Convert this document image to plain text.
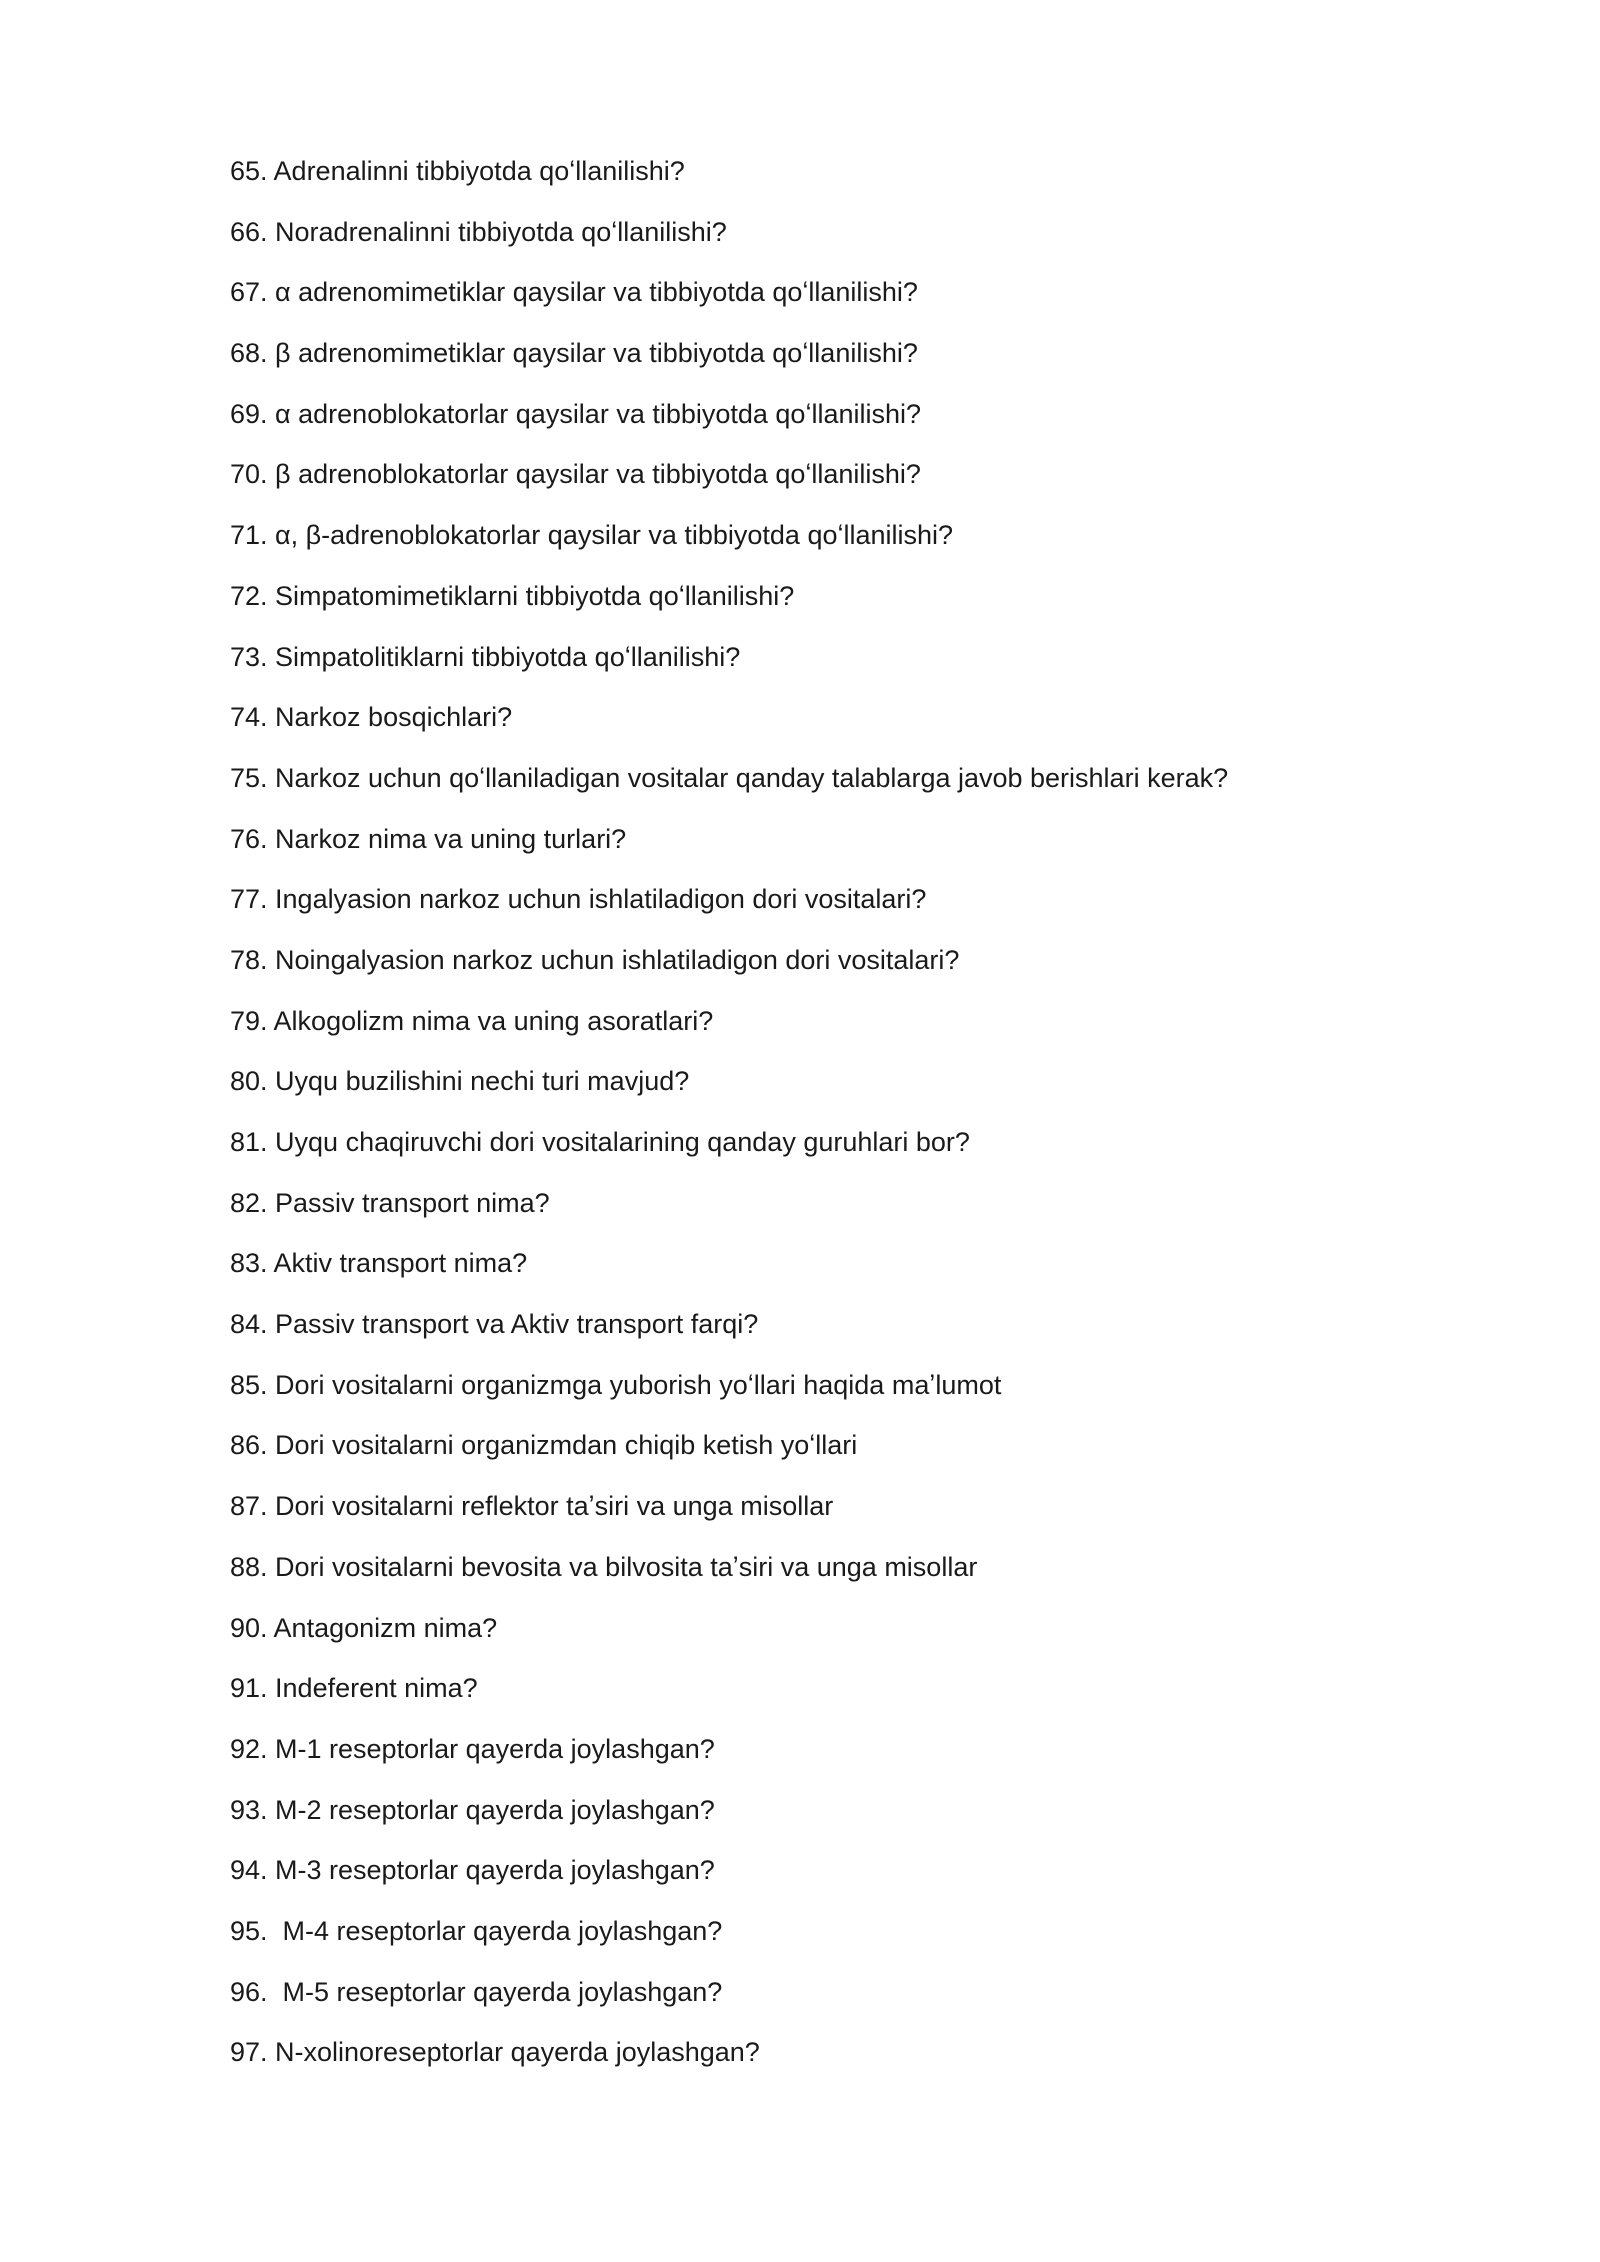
65. Adrenalinni tibbiyotda qoʻllanilishi?
66. Noradrenalinni tibbiyotda qoʻllanilishi?
67. α adrenomimetiklar qaysilar va tibbiyotda qoʻllanilishi?
68. β adrenomimetiklar qaysilar va tibbiyotda qoʻllanilishi?
69. α adrenoblokatorlar qaysilar va tibbiyotda qoʻllanilishi?
70. β adrenoblokatorlar qaysilar va tibbiyotda qoʻllanilishi?
71. α, β-adrenoblokatorlar qaysilar va tibbiyotda qoʻllanilishi?
72. Simpatomimetiklarni tibbiyotda qoʻllanilishi?
73. Simpatolitiklarni tibbiyotda qoʻllanilishi?
74. Narkoz bosqichlari?
75. Narkoz uchun qoʻllaniladigan vositalar qanday talablarga javob berishlari kerak?
76. Narkoz nima va uning turlari?
77. Ingalyasion narkoz uchun ishlatiladigon dori vositalari?
78. Noingalyasion narkoz uchun ishlatiladigon dori vositalari?
79. Alkogolizm nima va uning asoratlari?
80. Uyqu buzilishini nechi turi mavjud?
81. Uyqu chaqiruvchi dori vositalarining qanday guruhlari bor?
82. Passiv transport nima?
83. Aktiv transport nima?
84. Passiv transport va Aktiv transport farqi?
85. Dori vositalarni organizmga yuborish yoʻllari haqida maʼlumot
86. Dori vositalarni organizmdan chiqib ketish yoʻllari
87. Dori vositalarni reflektor taʼsiri va unga misollar
88. Dori vositalarni bevosita va bilvosita taʼsiri va unga misollar
90. Antagonizm nima?
91. Indeferent nima?
92. M-1 reseptorlar qayerda joylashgan?
93. M-2 reseptorlar qayerda joylashgan?
94. M-3 reseptorlar qayerda joylashgan?
95.  M-4 reseptorlar qayerda joylashgan?
96.  M-5 reseptorlar qayerda joylashgan?
97. N-xolinoreseptorlar qayerda joylashgan?
